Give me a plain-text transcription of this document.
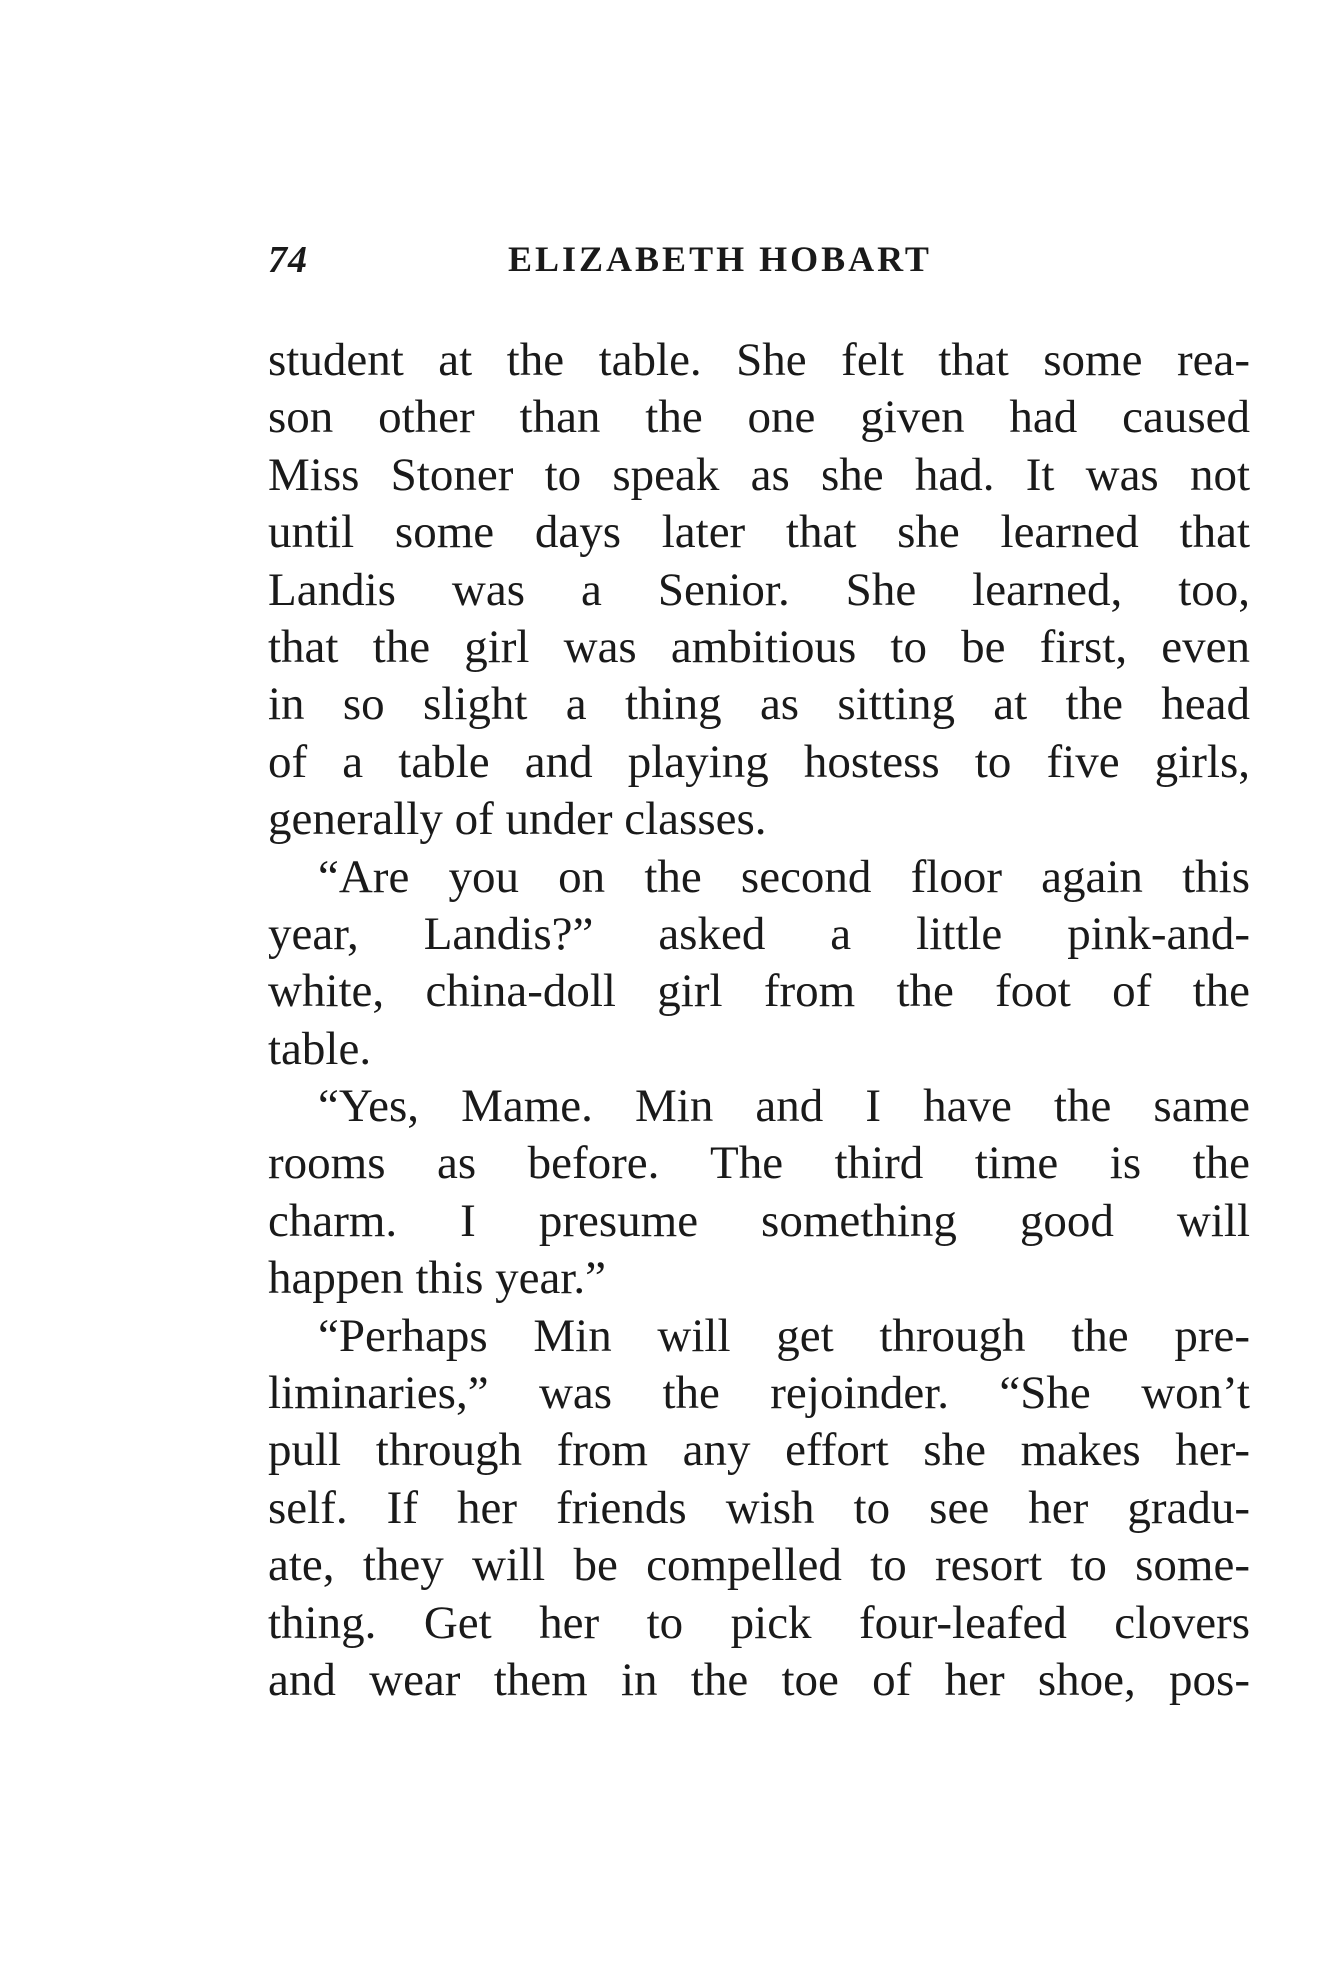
74	ELIZABETH HOBART
student at the table. She felt that some rea-
son other than the one given had caused
Miss Stoner to speak as she had. It was not
until some days later that she learned that
Landis was a Senior. She learned, too,
that the girl was ambitious to be first, even
in so slight a thing as sitting at the head
of a table and playing hostess to five girls,
generally of under classes.
“Are you on the second floor again this
year, Landis?” asked a little pink-and-
white, china-doll girl from the foot of the
table.
“Yes, Mame. Min and I have the same
rooms as before. The third time is the
charm. I presume something good will
happen this year.”
“Perhaps Min will get through the pre-
liminaries,” was the rejoinder. “She won’t
pull through from any effort she makes her-
self. If her friends wish to see her gradu-
ate, they will be compelled to resort to some-
thing. Get her to pick four-leafed clovers
and wear them in the toe of her shoe, pos-
